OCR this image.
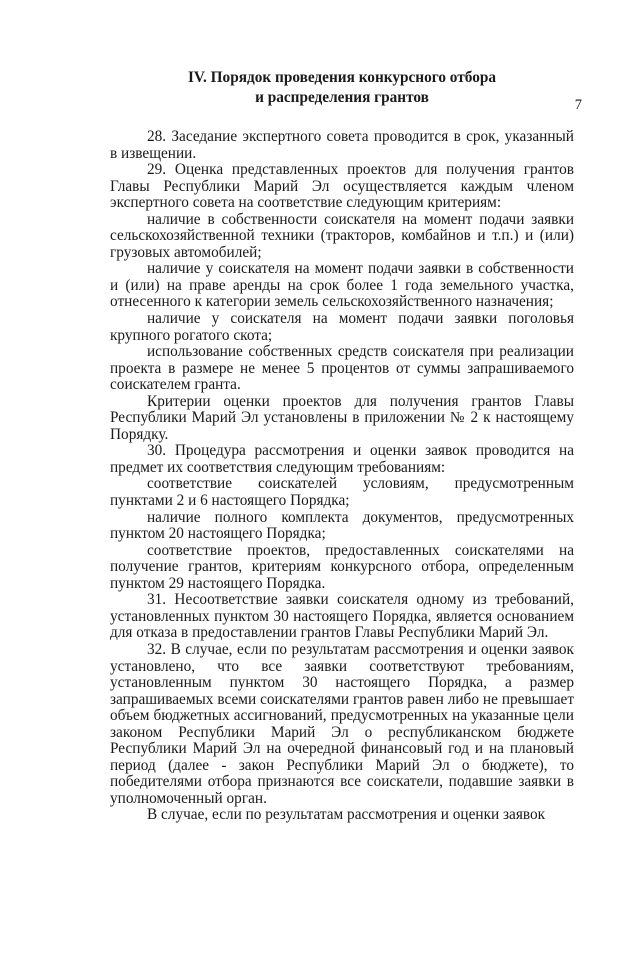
7
IV. Порядок проведения конкурсного отбора
и распределения грантов

28. Заседание экспертного совета проводится в срок, указанный в извещении.

29. Оценка представленных проектов для получения грантов Главы Республики Марий Эл осуществляется каждым членом экспертного совета на соответствие следующим критериям:

наличие в собственности соискателя на момент подачи заявки сельскохозяйственной техники (тракторов, комбайнов и т.п.) и (или) грузовых автомобилей;

наличие у соискателя на момент подачи заявки в собственности и (или) на праве аренды на срок более 1 года земельного участка, отнесенного к категории земель сельскохозяйственного назначения;

наличие у соискателя на момент подачи заявки поголовья крупного рогатого скота;

использование собственных средств соискателя при реализации проекта в размере не менее 5 процентов от суммы запрашиваемого соискателем гранта.

Критерии оценки проектов для получения грантов Главы Республики Марий Эл установлены в приложении № 2 к настоящему Порядку.

30. Процедура рассмотрения и оценки заявок проводится на предмет их соответствия следующим требованиям:

соответствие соискателей условиям, предусмотренным пунктами 2 и 6 настоящего Порядка;

наличие полного комплекта документов, предусмотренных пунктом 20 настоящего Порядка;

соответствие проектов, предоставленных соискателями на получение грантов, критериям конкурсного отбора, определенным пунктом 29 настоящего Порядка.

31. Несоответствие заявки соискателя одному из требований, установленных пунктом 30 настоящего Порядка, является основанием для отказа в предоставлении грантов Главы Республики Марий Эл.

32. В случае, если по результатам рассмотрения и оценки заявок установлено, что все заявки соответствуют требованиям, установленным пунктом 30 настоящего Порядка, а размер запрашиваемых всеми соискателями грантов равен либо не превышает объем бюджетных ассигнований, предусмотренных на указанные цели законом Республики Марий Эл о республиканском бюджете Республики Марий Эл на очередной финансовый год и на плановый период (далее - закон Республики Марий Эл о бюджете), то победителями отбора признаются все соискатели, подавшие заявки в уполномоченный орган.

В случае, если по результатам рассмотрения и оценки заявок
